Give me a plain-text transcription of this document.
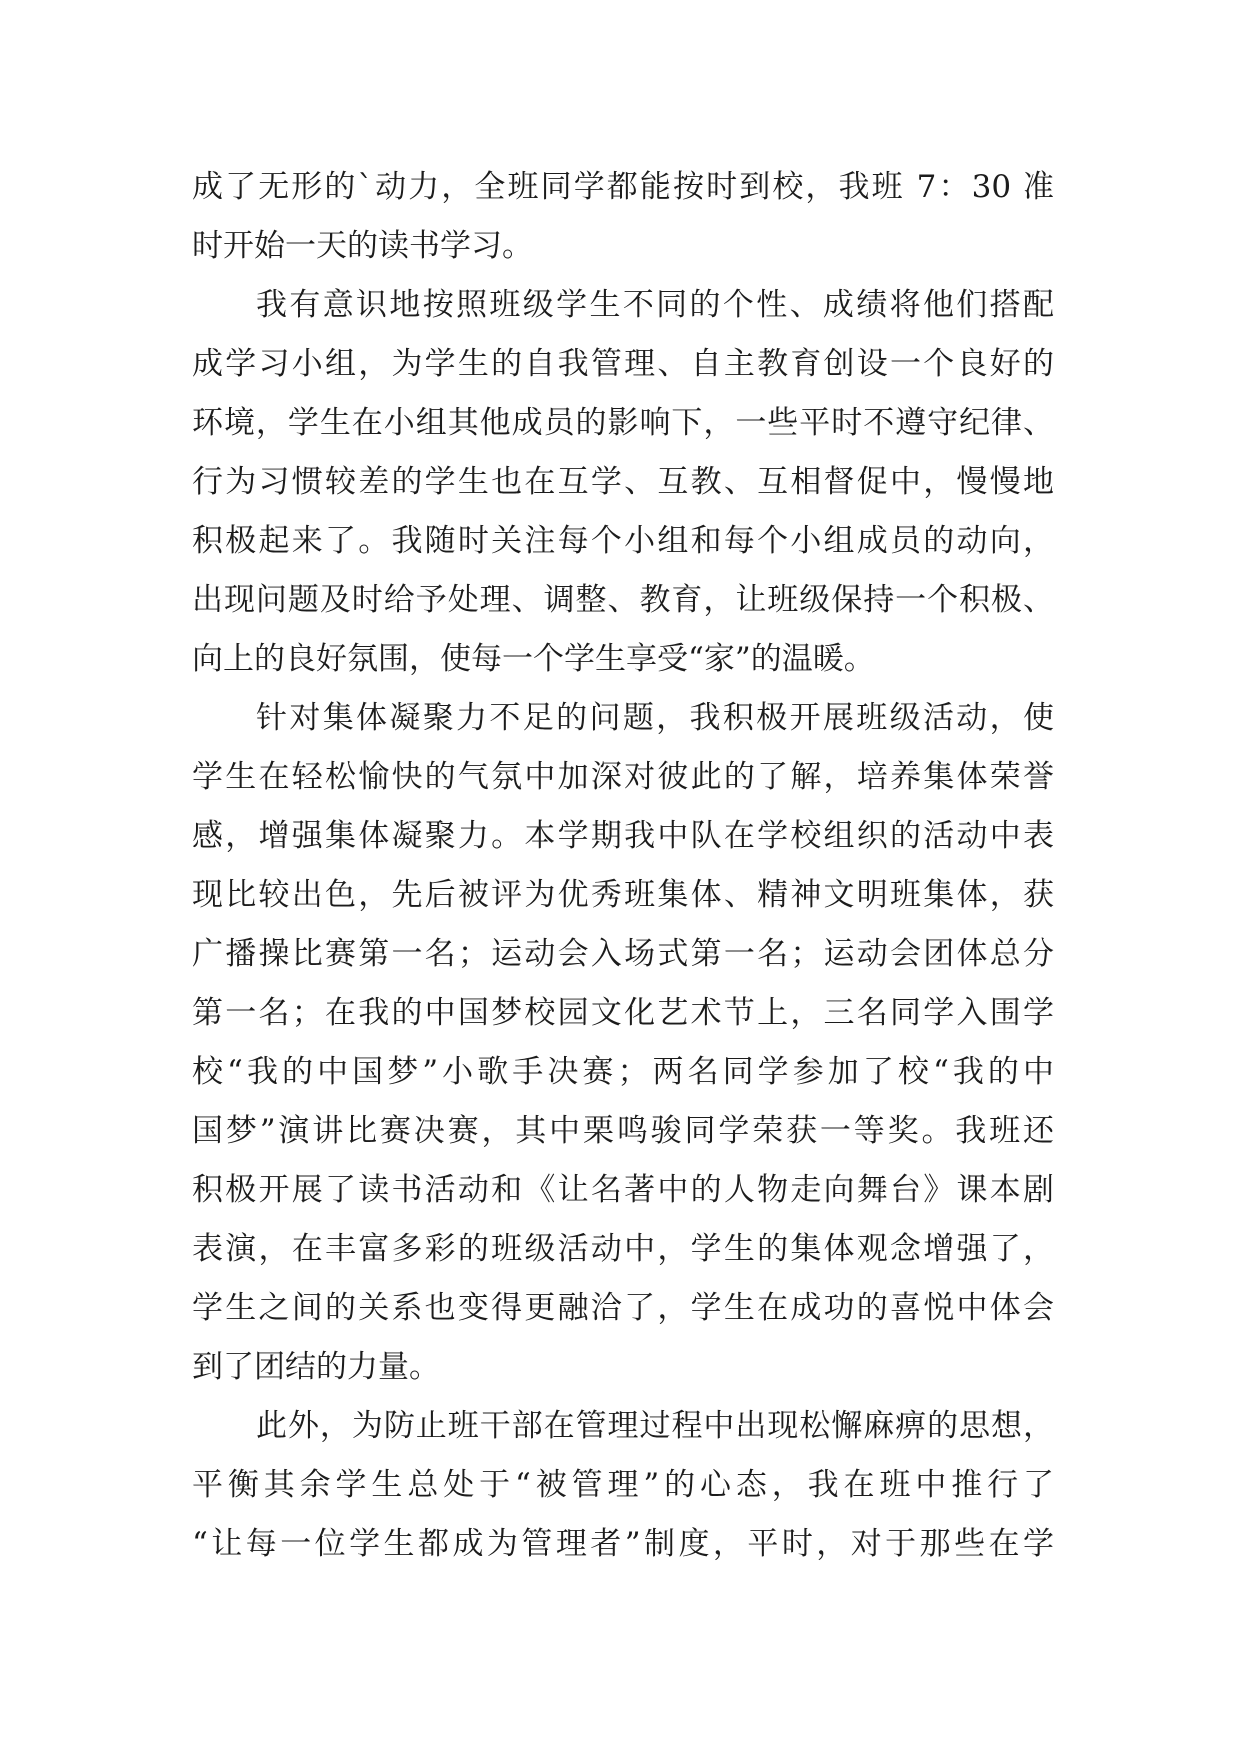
成了无形的`动力，全班同学都能按时到校，我班 7：30 准
时开始一天的读书学习。
我有意识地按照班级学生不同的个性、成绩将他们搭配
成学习小组，为学生的自我管理、自主教育创设一个良好的
环境，学生在小组其他成员的影响下，一些平时不遵守纪律、
行为习惯较差的学生也在互学、互教、互相督促中，慢慢地
积极起来了。我随时关注每个小组和每个小组成员的动向，
出现问题及时给予处理、调整、教育，让班级保持一个积极、
向上的良好氛围，使每一个学生享受“家”的温暖。
针对集体凝聚力不足的问题，我积极开展班级活动，使
学生在轻松愉快的气氛中加深对彼此的了解，培养集体荣誉
感，增强集体凝聚力。本学期我中队在学校组织的活动中表
现比较出色，先后被评为优秀班集体、精神文明班集体，获
广播操比赛第一名；运动会入场式第一名；运动会团体总分
第一名；在我的中国梦校园文化艺术节上，三名同学入围学
校“我的中国梦”小歌手决赛；两名同学参加了校“我的中
国梦”演讲比赛决赛，其中栗鸣骏同学荣获一等奖。我班还
积极开展了读书活动和《让名著中的人物走向舞台》课本剧
表演，在丰富多彩的班级活动中，学生的集体观念增强了，
学生之间的关系也变得更融洽了，学生在成功的喜悦中体会
到了团结的力量。
此外，为防止班干部在管理过程中出现松懈麻痹的思想，
平衡其余学生总处于“被管理”的心态，我在班中推行了
“让每一位学生都成为管理者”制度，平时，对于那些在学
